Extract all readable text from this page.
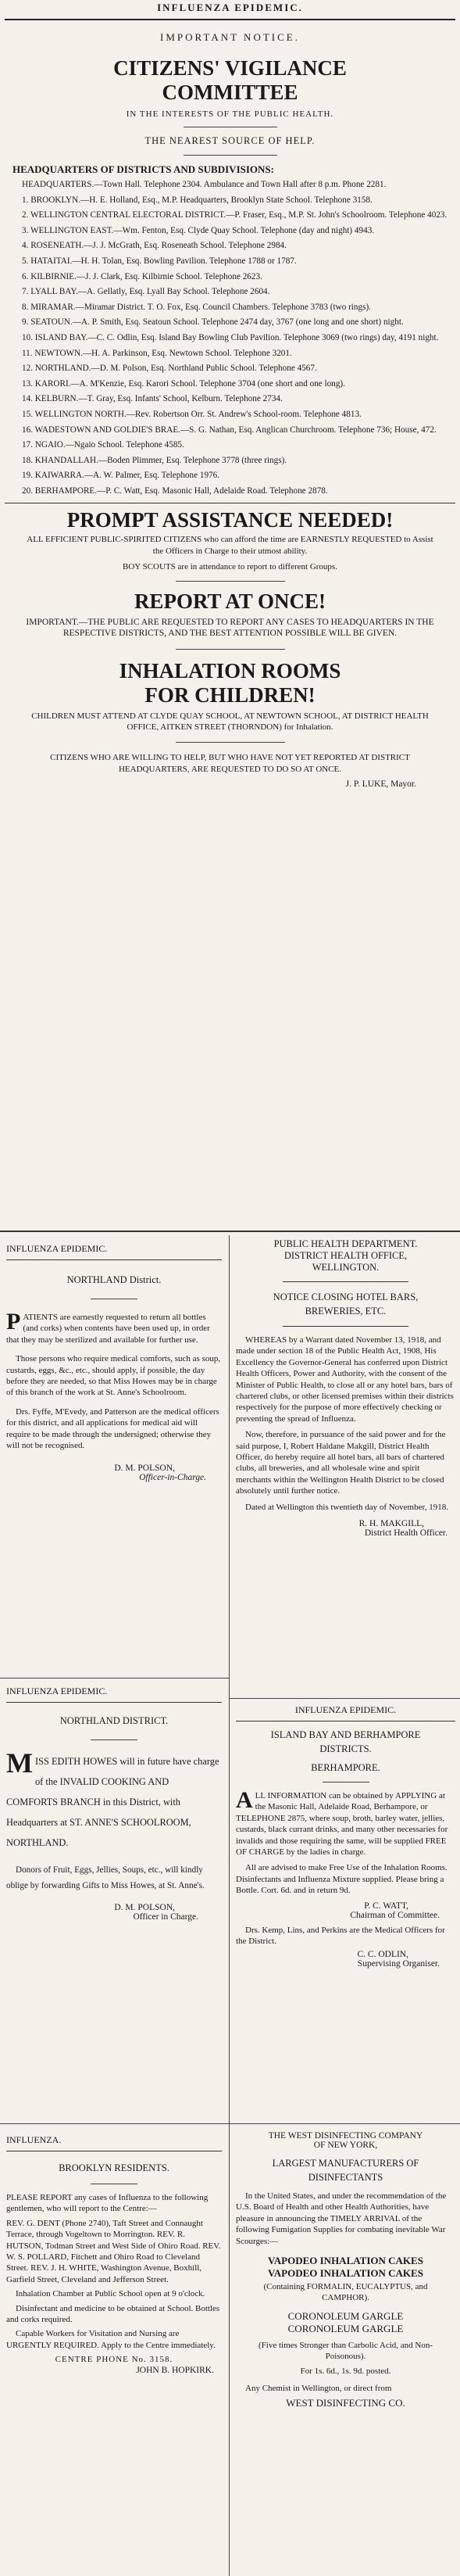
INFLUENZA EPIDEMIC.
IMPORTANT NOTICE.
CITIZENS' VIGILANCE
COMMITTEE
IN THE INTERESTS OF THE PUBLIC HEALTH.
THE NEAREST SOURCE OF HELP.
HEADQUARTERS OF DISTRICTS AND SUBDIVISIONS:

HEADQUARTERS.—Town Hall. Telephone 2304. Ambulance and Town Hall after 8 p.m. Phone 2281.

1. BROOKLYN.—H. E. Holland, Esq., M.P. Headquarters, Brooklyn State School. Telephone 3158.

2. WELLINGTON CENTRAL ELECTORAL DISTRICT.—P. Fraser, Esq., M.P. St. John's Schoolroom. Telephone 4023.

3. WELLINGTON EAST.—Wm. Fenton, Esq. Clyde Quay School. Telephone (day and night) 4943.

4. ROSENEATH.—J. J. McGrath, Esq. Roseneath School. Telephone 2984.

5. HATAITAI.—H. H. Tolan, Esq. Bowling Pavilion. Telephone 1788 or 1787.

6. KILBIRNIE.—J. J. Clark, Esq. Kilbirnie School. Telephone 2623.

7. LYALL BAY.—A. Gellatly, Esq. Lyall Bay School. Telephone 2604.

8. MIRAMAR.—Miramar District. T. O. Fox, Esq. Council Chambers. Telephone 3783 (two rings).

9. SEATOUN.—A. P. Smith, Esq. Seatoun School. Telephone 2474 day, 3767 (one long and one short) night.

10. ISLAND BAY.—C. C. Odlin, Esq. Island Bay Bowling Club Pavilion. Telephone 3069 (two rings) day, 4191 night.

11. NEWTOWN.—H. A. Parkinson, Esq. Newtown School. Telephone 3201.

12. NORTHLAND.—D. M. Polson, Esq. Northland Public School. Telephone 4567.

13. KARORI.—A. M'Kenzie, Esq. Karori School. Telephone 3704 (one short and one long).

14. KELBURN.—T. Gray, Esq. Infants' School, Kelburn. Telephone 2734.

15. WELLINGTON NORTH.—Rev. Robertson Orr. St. Andrew's School-room. Telephone 4813.

16. WADESTOWN AND GOLDIE'S BRAE.—S. G. Nathan, Esq. Anglican Churchroom. Telephone 736; House, 472.

17. NGAIO.—Ngaio School. Telephone 4585.

18. KHANDALLAH.—Boden Plimmer, Esq. Telephone 3778 (three rings).

19. KAIWARRA.—A. W. Palmer, Esq. Telephone 1976.

20. BERHAMPORE.—P. C. Watt, Esq. Masonic Hall, Adelaide Road. Telephone 2878.

PROMPT ASSISTANCE NEEDED!

ALL EFFICIENT PUBLIC-SPIRITED CITIZENS who can afford the time are EARNESTLY REQUESTED to Assist the Officers in Charge to their utmost ability.

BOY SCOUTS are in attendance to report to different Groups.

REPORT AT ONCE!

IMPORTANT.—THE PUBLIC ARE REQUESTED TO REPORT ANY CASES TO HEADQUARTERS IN THE RESPECTIVE DISTRICTS, AND THE BEST ATTENTION POSSIBLE WILL BE GIVEN.

INHALATION ROOMS
FOR CHILDREN!

CHILDREN MUST ATTEND AT CLYDE QUAY SCHOOL, AT NEWTOWN SCHOOL, AT DISTRICT HEALTH OFFICE, AITKEN STREET (THORNDON) for Inhalation.

CITIZENS WHO ARE WILLING TO HELP, BUT WHO HAVE NOT YET REPORTED AT DISTRICT HEADQUARTERS, ARE REQUESTED TO DO SO AT ONCE.

J. P. LUKE, Mayor.
INFLUENZA EPIDEMIC.
NORTHLAND District.

PATIENTS are earnestly requested to return all bottles (and corks) when contents have been used up, in order that they may be sterilized and available for further use.

Those persons who require medical comforts, such as soup, custards, eggs, &c., etc., should apply, if possible, the day before they are needed, so that Miss Howes may be in charge of this branch of the work at St. Anne's Schoolroom.

Drs. Fyffe, M'Evedy, and Patterson are the medical officers for this district, and all applications for medical aid will require to be made through the undersigned; otherwise they will not be recognised.

D. M. POLSON,
Officer-in-Charge.
INFLUENZA EPIDEMIC.
NORTHLAND DISTRICT.

MISS EDITH HOWES will in future have charge of the INVALID COOKING AND COMFORTS BRANCH in this District, with Headquarters at ST. ANNE'S SCHOOLROOM, NORTHLAND.

Donors of Fruit, Eggs, Jellies, Soups, etc., will kindly oblige by forwarding Gifts to Miss Howes, at St. Anne's.

D. M. POLSON,
Officer in Charge.
INFLUENZA.
BROOKLYN RESIDENTS.

PLEASE REPORT any cases of Influenza to the following gentlemen, who will report to the Centre:—

REV. G. DENT (Phone 2740), Taft Street and Connaught Terrace, through Vogeltown to Morrington. REV. R. HUTSON, Todman Street and West Side of Ohiro Road. REV. W. S. POLLARD, Fitchett and Ohiro Road to Cleveland Street. REV. J. H. WHITE, Washington Avenue, Boxhill, Garfield Street, Cleveland and Jefferson Street.

Inhalation Chamber at Public School open at 9 o'clock.

Disinfectant and medicine to be obtained at School. Bottles and corks required.

Capable Workers for Visitation and Nursing are URGENTLY REQUIRED. Apply to the Centre immediately.

CENTRE PHONE No. 3158.
JOHN B. HOPKIRK.
PUBLIC HEALTH DEPARTMENT.
DISTRICT HEALTH OFFICE,
WELLINGTON.
NOTICE CLOSING HOTEL BARS, BREWERIES, ETC.

WHEREAS by a Warrant dated November 13, 1918, and made under section 18 of the Public Health Act, 1908, His Excellency the Governor-General has conferred upon District Health Officers, Power and Authority, with the consent of the Minister of Public Health, to close all or any hotel bars, bars of chartered clubs, or other licensed premises within their districts respectively for the purpose of more effectively checking or preventing the spread of Influenza.

Now, therefore, in pursuance of the said power and for the said purpose, I, Robert Haldane Makgill, District Health Officer, do hereby require all hotel bars, all bars of chartered clubs, all breweries, and all wholesale wine and spirit merchants within the Wellington Health District to be closed absolutely until further notice.

Dated at Wellington this twentieth day of November, 1918.

R. H. MAKGILL,
District Health Officer.
INFLUENZA EPIDEMIC.
ISLAND BAY AND BERHAMPORE DISTRICTS.
BERHAMPORE.

ALL INFORMATION can be obtained by APPLYING at the Masonic Hall, Adelaide Road, Berhampore, or TELEPHONE 2875, where soup, broth, barley water, jellies, custards, black currant drinks, and many other necessaries for invalids and those requiring the same, will be supplied FREE OF CHARGE by the ladies in charge.

All are advised to make Free Use of the Inhalation Rooms. Disinfectants and Influenza Mixture supplied. Please bring a Bottle. Cort. 6d. and in return 9d.

P. C. WATT,
Chairman of Committee.

Drs. Kemp, Lins, and Perkins are the Medical Officers for the District.

C. C. ODLIN,
Supervising Organiser.
THE WEST DISINFECTING COMPANY
OF NEW YORK,
LARGEST MANUFACTURERS OF DISINFECTANTS

In the United States, and under the recommendation of the U.S. Board of Health and other Health Authorities, have pleasure in announcing the TIMELY ARRIVAL of the following Fumigation Supplies for combating inevitable War Scourges:—

VAPODEO INHALATION CAKES
VAPODEO INHALATION CAKES
(Containing FORMALIN, EUCALYPTUS, and CAMPHOR).
CORONOLEUM GARGLE
CORONOLEUM GARGLE

(Five times Stronger than Carbolic Acid, and Non-Poisonous).

For 1s. 6d., 1s. 9d. posted.

Any Chemist in Wellington, or direct from

WEST DISINFECTING CO.
